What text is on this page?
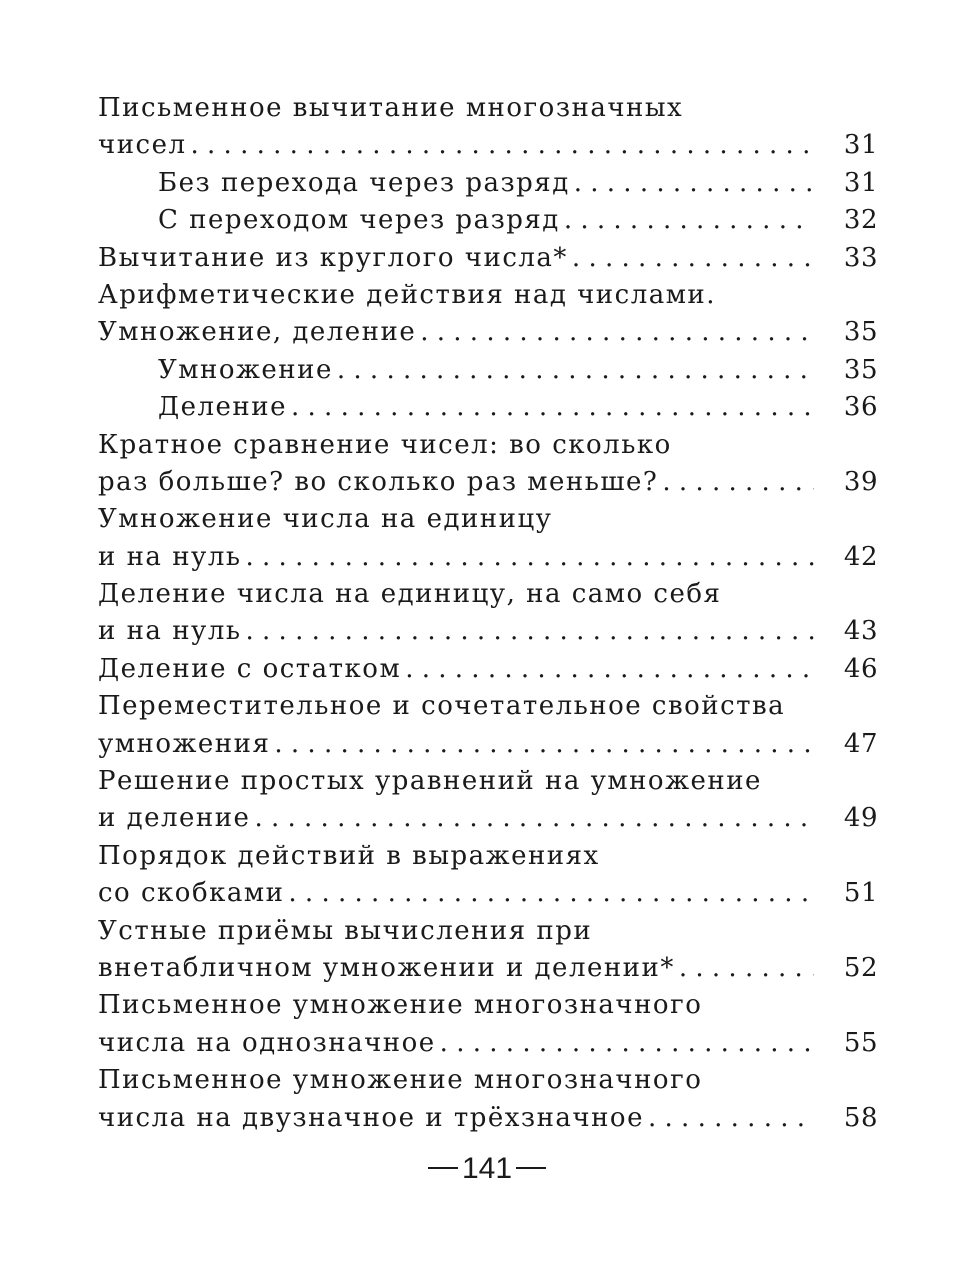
Письменное вычитание многозначных
чисел . . .	31
Без перехода через разряд . . .	31
С переходом через разряд . . .	32
Вычитание из круглого числа* . . .	33
Арифметические действия над числами.
Умножение, деление . . .	35
Умножение . . .	35
Деление . . .	36
Кратное сравнение чисел: во сколько
раз больше? во сколько раз меньше? . . .	39
Умножение числа на единицу
и на нуль . . .	42
Деление числа на единицу, на само себя
и на нуль . . .	43
Деление с остатком . . .	46
Переместительное и сочетательное свойства
умножения . . .	47
Решение простых уравнений на умножение
и деление . . .	49
Порядок действий в выражениях
со скобками . . .	51
Устные приёмы вычисления при
внетабличном умножении и делении* . . .	52
Письменное умножение многозначного
числа на однозначное . . .	55
Письменное умножение многозначного
числа на двузначное и трёхзначное . . .	58
141
